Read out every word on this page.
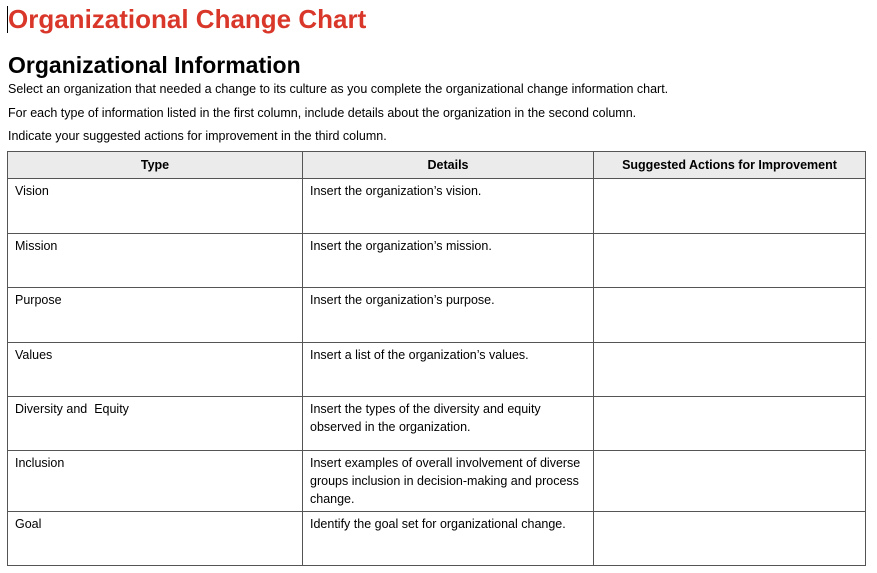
Organizational Change Chart
Organizational Information

Select an organization that needed a change to its culture as you complete the organizational change information chart.

For each type of information listed in the first column, include details about the organization in the second column.

Indicate your suggested actions for improvement in the third column.

Type	Details	Suggested Actions for Improvement

Vision	Insert the organization’s vision.	

Mission	Insert the organization’s mission.	

Purpose	Insert the organization’s purpose.	

Values	Insert a list of the organization’s values.	

Diversity and  Equity	Insert the types of the diversity and equity observed in the organization.	

Inclusion	Insert examples of overall involvement of diverse groups inclusion in decision-making and process change.	

Goal	Identify the goal set for organizational change.	
